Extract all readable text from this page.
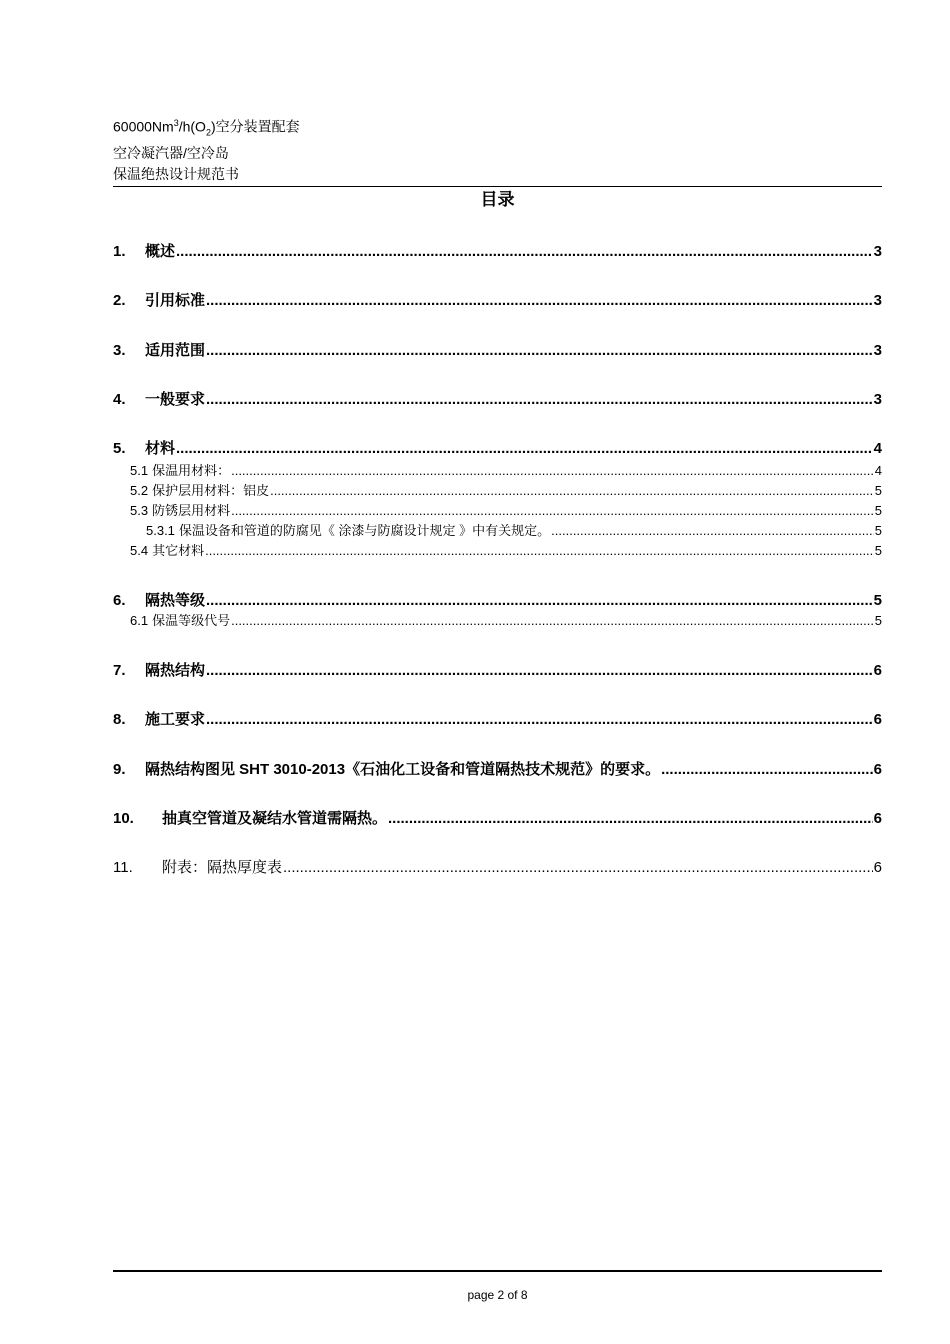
$60000Nm^3/h(O_2)$空分装置配套
空冷凝汽器/空冷岛
保温绝热设计规范书
目录
1.	概述 .....	3
2.	引用标准 .....	3
3.	适用范围 .....	3
4.	一般要求 .....	3
5.	材料 .....	4
5.1 保温用材料： .....	4
5.2 保护层用材料：铝皮 .....	5
5.3 防锈层用材料 .....	5
5.3.1 保温设备和管道的防腐见《 涂漆与防腐设计规定 》中有关规定。 .....	5
5.4 其它材料 .....	5
6.	隔热等级 .....	5
6.1 保温等级代号 .....	5
7.	隔热结构 .....	6
8.	施工要求 .....	6
9.	隔热结构图见 SHT 3010-2013《石油化工设备和管道隔热技术规范》的要求。 .....	6
10.	抽真空管道及凝结水管道需隔热。 .....	6
11.	附表：隔热厚度表 .....	6
page 2 of 8
